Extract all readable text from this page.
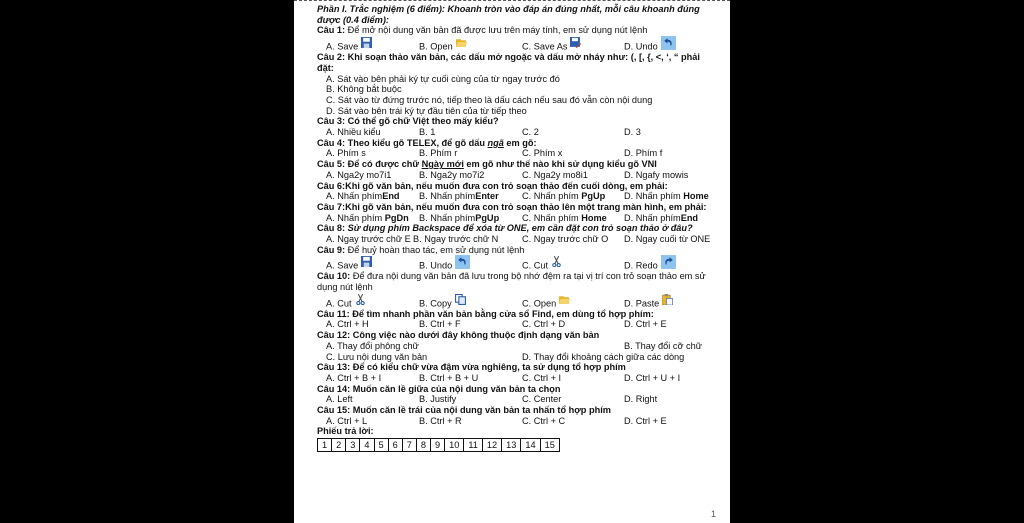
Phần I. Trắc nghiệm (6 điểm): Khoanh tròn vào đáp án đúng nhất, mỗi câu khoanh đúng được (0.4 điểm):
Câu 1: Để mở nội dung văn bản đã được lưu trên máy tính, em sử dụng nút lệnh
A. Save	B. Open	C. Save As	D. Undo
Câu 2: Khi soạn thảo văn bản, các dấu mở ngoặc và dấu mở nháy như: (, [, {, <, ‘, “ phải đặt:
A. Sát vào bên phải ký tự cuối cùng của từ ngay trước đó
B. Không bắt buộc
C. Sát vào từ đứng trước nó, tiếp theo là dấu cách nếu sau đó vẫn còn nội dung
D. Sát vào bên trái ký tự đầu tiên của từ tiếp theo
Câu 3: Có thể gõ chữ Việt theo mấy kiểu?
A. Nhiều kiểu	B. 1	C. 2	D. 3
Câu 4: Theo kiểu gõ TELEX, để gõ dấu ngã em gõ:
A. Phím s	B. Phím r	C. Phím x	D. Phím f
Câu 5: Để có được chữ Ngày mới em gõ như thế nào khi sử dụng kiểu gõ VNI
A. Nga2y mo7i1	B. Nga2y mo7i2	C. Nga2y mo8i1	D. Ngafy mowis
Câu 6:Khi gõ văn bản, nếu muốn đưa con trỏ soạn thảo đến cuối dòng, em phải:
A. Nhấn phímEnd B. Nhấn phímEnter	C. Nhấn phím PgUp D. Nhấn phím Home
Câu 7:Khi gõ văn bản, nếu muốn đưa con trỏ soạn thảo lên một trang màn hình, em phải:
A. Nhấn phím PgDn B. Nhấn phímPgUp C. Nhấn phím Home D. Nhấn phímEnd
Câu 8: Sử dụng phím Backspace để xóa từ ONE, em cần đặt con trỏ soạn thảo ở đâu?
A. Ngay trước chữ E B. Ngay trước chữ N	C. Ngay trước chữ O D. Ngay cuối từ ONE
Câu 9: Để huỷ hoàn thao tác, em sử dụng nút lệnh
A. Save	B. Undo	C. Cut	D. Redo
Câu 10: Để đưa nội dung văn bản đã lưu trong bộ nhớ đệm ra tại vị trí con trỏ soạn thảo em sử dụng nút lệnh
A. Cut	B. Copy	C. Open	D. Paste
Câu 11: Để tìm nhanh phần văn bản bằng cửa sổ Find, em dùng tổ hợp phím:
A. Ctrl + H	B. Ctrl + F	C. Ctrl + D	D. Ctrl + E
Câu 12: Công việc nào dưới đây không thuộc định dạng văn bản
A. Thay đổi phông chữ	B. Thay đổi cỡ chữ
C. Lưu nội dung văn bản	D. Thay đổi khoảng cách giữa các dòng
Câu 13: Để có kiểu chữ vừa đậm vừa nghiêng, ta sử dụng tổ hợp phím
A. Ctrl + B + I	B. Ctrl + B + U	C. Ctrl + I	D. Ctrl + U + I
Câu 14: Muốn căn lề giữa của nội dung văn bản ta chọn
A. Left	B. Justify	C. Center	D. Right
Câu 15: Muốn căn lề trái của nội dung văn bản ta nhấn tổ hợp phím
A. Ctrl + L	B. Ctrl + R	C. Ctrl + C	D. Ctrl + E
Phiếu trả lời:
1	2	3	4	5	6	7	8	9	10	11	12	13	14	15
1
